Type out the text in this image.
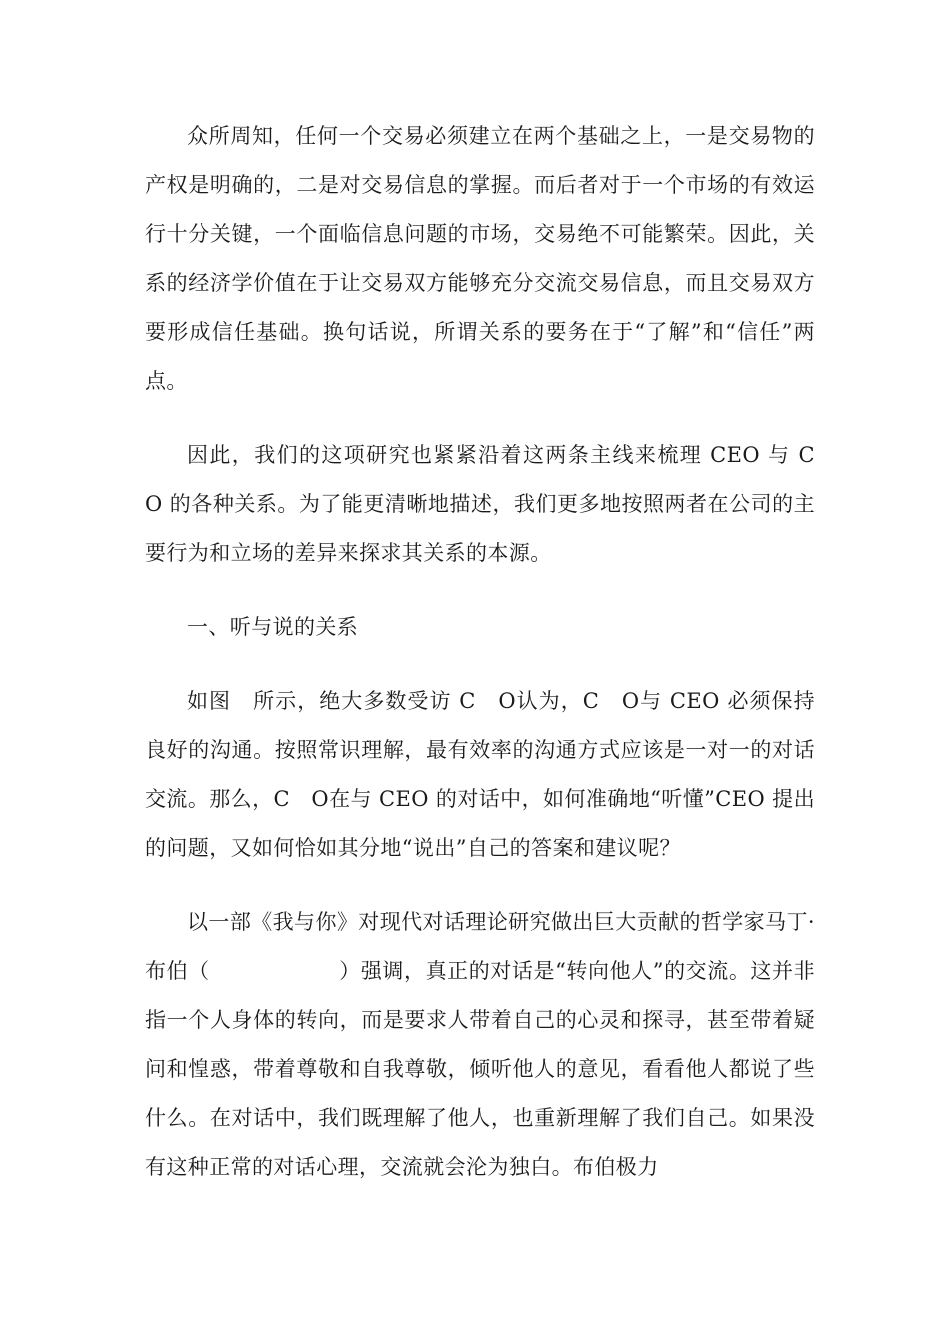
众所周知，任何一个交易必须建立在两个基础之上，一是交易物的产权是明确的，二是对交易信息的掌握。而后者对于一个市场的有效运行十分关键，一个面临信息问题的市场，交易绝不可能繁荣。因此，关系的经济学价值在于让交易双方能够充分交流交易信息，而且交易双方要形成信任基础。换句话说，所谓关系的要务在于“了解”和“信任”两点。

因此，我们的这项研究也紧紧沿着这两条主线来梳理 CEO 与 C　O 的各种关系。为了能更清晰地描述，我们更多地按照两者在公司的主要行为和立场的差异来探求其关系的本源。

一、听与说的关系

如图　所示，绝大多数受访 C　O认为，C　O与 CEO 必须保持良好的沟通。按照常识理解，最有效率的沟通方式应该是一对一的对话交流。那么，C　O在与 CEO 的对话中，如何准确地“听懂”CEO 提出的问题，又如何恰如其分地“说出”自己的答案和建议呢？

以一部《我与你》对现代对话理论研究做出巨大贡献的哲学家马丁·布伯（　　　　　　）强调，真正的对话是“转向他人”的交流。这并非指一个人身体的转向，而是要求人带着自己的心灵和探寻，甚至带着疑问和惶惑，带着尊敬和自我尊敬，倾听他人的意见，看看他人都说了些什么。在对话中，我们既理解了他人，也重新理解了我们自己。如果没有这种正常的对话心理，交流就会沦为独白。布伯极力
